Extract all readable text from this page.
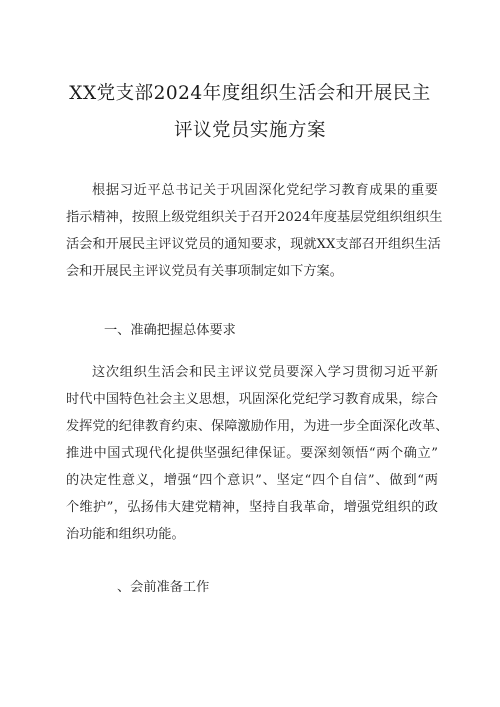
XX党支部2024年度组织生活会和开展民主
评议党员实施方案
根据习近平总书记关于巩固深化党纪学习教育成果的重要
指示精神，按照上级党组织关于召开2024年度基层党组织组织生
活会和开展民主评议党员的通知要求，现就XX支部召开组织生活
会和开展民主评议党员有关事项制定如下方案。
一、准确把握总体要求
这次组织生活会和民主评议党员要深入学习贯彻习近平新
时代中国特色社会主义思想，巩固深化党纪学习教育成果，综合
发挥党的纪律教育约束、保障激励作用，为进一步全面深化改革、
推进中国式现代化提供坚强纪律保证。要深刻领悟“两个确立”
的决定性意义，增强“四个意识”、坚定“四个自信”、做到“两
个维护”，弘扬伟大建党精神，坚持自我革命，增强党组织的政
治功能和组织功能。
、会前准备工作
